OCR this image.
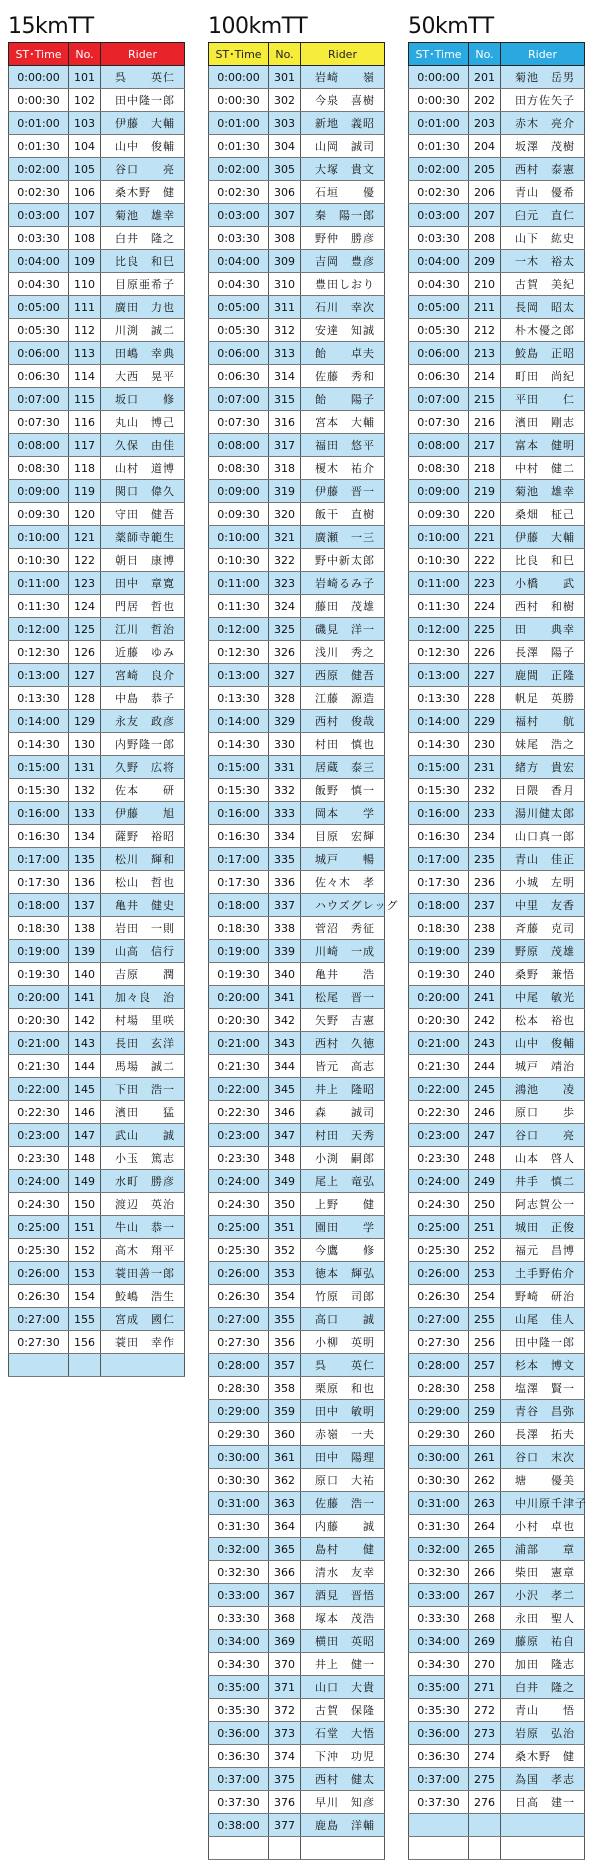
15kmTT
ST･Time	No.	Rider
0:00:00	101	呉　　英仁
0:00:30	102	田中隆一郎
0:01:00	103	伊藤　大輔
0:01:30	104	山中　俊輔
0:02:00	105	谷口　　亮
0:02:30	106	桑木野　健
0:03:00	107	菊池　雄幸
0:03:30	108	白井　隆之
0:04:00	109	比良　和巳
0:04:30	110	目原亜希子
0:05:00	111	廣田　力也
0:05:30	112	川渕　誠二
0:06:00	113	田嶋　幸典
0:06:30	114	大西　晃平
0:07:00	115	坂口　　修
0:07:30	116	丸山　博己
0:08:00	117	久保　由佳
0:08:30	118	山村　道博
0:09:00	119	関口　偉久
0:09:30	120	守田　健吾
0:10:00	121	薬師寺範生
0:10:30	122	朝日　康博
0:11:00	123	田中　章寛
0:11:30	124	門居　哲也
0:12:00	125	江川　哲治
0:12:30	126	近藤　ゆみ
0:13:00	127	宮崎　良介
0:13:30	128	中島　恭子
0:14:00	129	永友　政彦
0:14:30	130	内野隆一郎
0:15:00	131	久野　広将
0:15:30	132	佐本　　研
0:16:00	133	伊藤　　旭
0:16:30	134	薩野　裕昭
0:17:00	135	松川　輝和
0:17:30	136	松山　哲也
0:18:00	137	亀井　健史
0:18:30	138	岩田　一則
0:19:00	139	山高　信行
0:19:30	140	吉原　　潤
0:20:00	141	加々良　治
0:20:30	142	村場　里咲
0:21:00	143	長田　玄洋
0:21:30	144	馬場　誠二
0:22:00	145	下田　浩一
0:22:30	146	濱田　　猛
0:23:00	147	武山　　誠
0:23:30	148	小玉　篤志
0:24:00	149	水町　勝彦
0:24:30	150	渡辺　英治
0:25:00	151	牛山　恭一
0:25:30	152	高木　翔平
0:26:00	153	蓑田善一郎
0:26:30	154	鮫嶋　浩生
0:27:00	155	宮成　國仁
0:27:30	156	蓑田　幸作

100kmTT
ST･Time	No.	Rider
0:00:00	301	岩崎　　嶺
0:00:30	302	今泉　喜樹
0:01:00	303	新地　義昭
0:01:30	304	山岡　誠司
0:02:00	305	大塚　貴文
0:02:30	306	石垣　　優
0:03:00	307	秦　陽一郎
0:03:30	308	野仲　勝彦
0:04:00	309	吉岡　豊彦
0:04:30	310	豊田しおり
0:05:00	311	石川　幸次
0:05:30	312	安達　知誠
0:06:00	313	飴　　卓夫
0:06:30	314	佐藤　秀和
0:07:00	315	飴　　陽子
0:07:30	316	宮本　大輔
0:08:00	317	福田　悠平
0:08:30	318	榎木　祐介
0:09:00	319	伊藤　晋一
0:09:30	320	飯干　直樹
0:10:00	321	廣瀬　一三
0:10:30	322	野中新太郎
0:11:00	323	岩崎るみ子
0:11:30	324	藤田　茂雄
0:12:00	325	磯見　洋一
0:12:30	326	浅川　秀之
0:13:00	327	西原　健吾
0:13:30	328	江藤　源造
0:14:00	329	西村　俊哉
0:14:30	330	村田　慎也
0:15:00	331	居蔵　泰三
0:15:30	332	飯野　慎一
0:16:00	333	岡本　　学
0:16:30	334	目原　宏輝
0:17:00	335	城戸　　暢
0:17:30	336	佐々木　孝
0:18:00	337	ハウズグレッグ
0:18:30	338	菅沼　秀征
0:19:00	339	川崎　一成
0:19:30	340	亀井　　浩
0:20:00	341	松尾　晋一
0:20:30	342	矢野　吉憲
0:21:00	343	西村　久徳
0:21:30	344	皆元　高志
0:22:00	345	井上　隆昭
0:22:30	346	森　　誠司
0:23:00	347	村田　天秀
0:23:30	348	小渕　嗣郎
0:24:00	349	尾上　竜弘
0:24:30	350	上野　　健
0:25:00	351	園田　　学
0:25:30	352	今鷹　　修
0:26:00	353	徳本　輝弘
0:26:30	354	竹原　司郎
0:27:00	355	高口　　誠
0:27:30	356	小柳　英明
0:28:00	357	呉　　英仁
0:28:30	358	栗原　和也
0:29:00	359	田中　敏明
0:29:30	360	赤嶺　一夫
0:30:00	361	田中　陽理
0:30:30	362	原口　大祐
0:31:00	363	佐藤　浩一
0:31:30	364	内藤　　誠
0:32:00	365	島村　　健
0:32:30	366	清水　友幸
0:33:00	367	酒見　晋悟
0:33:30	368	塚本　茂浩
0:34:00	369	横田　英昭
0:34:30	370	井上　健一
0:35:00	371	山口　大貴
0:35:30	372	古賀　保隆
0:36:00	373	石堂　大悟
0:36:30	374	下沖　功児
0:37:00	375	西村　健太
0:37:30	376	早川　知彦
0:38:00	377	鹿島　洋輔

50kmTT
ST･Time	No.	Rider
0:00:00	201	菊池　岳男
0:00:30	202	田方佐矢子
0:01:00	203	赤木　亮介
0:01:30	204	坂澤　茂樹
0:02:00	205	西村　泰憲
0:02:30	206	青山　優希
0:03:00	207	臼元　直仁
0:03:30	208	山下　紘史
0:04:00	209	一木　裕太
0:04:30	210	古賀　美紀
0:05:00	211	長岡　昭太
0:05:30	212	朴木優之郎
0:06:00	213	鮫島　正昭
0:06:30	214	町田　尚紀
0:07:00	215	平田　　仁
0:07:30	216	濱田　剛志
0:08:00	217	富本　健明
0:08:30	218	中村　健二
0:09:00	219	菊池　雄幸
0:09:30	220	桑畑　柾己
0:10:00	221	伊藤　大輔
0:10:30	222	比良　和巳
0:11:00	223	小橋　　武
0:11:30	224	西村　和樹
0:12:00	225	田　　典幸
0:12:30	226	長澤　陽子
0:13:00	227	鹿間　正隆
0:13:30	228	帆足　英勝
0:14:00	229	福村　　航
0:14:30	230	妹尾　浩之
0:15:00	231	緒方　貴宏
0:15:30	232	日隈　香月
0:16:00	233	湯川健太郎
0:16:30	234	山口真一郎
0:17:00	235	青山　佳正
0:17:30	236	小城　左明
0:18:00	237	中里　友香
0:18:30	238	斉藤　克司
0:19:00	239	野原　茂雄
0:19:30	240	桑野　兼悟
0:20:00	241	中尾　敏光
0:20:30	242	松本　裕也
0:21:00	243	山中　俊輔
0:21:30	244	城戸　靖治
0:22:00	245	鴻池　　凌
0:22:30	246	原口　　歩
0:23:00	247	谷口　　亮
0:23:30	248	山本　啓人
0:24:00	249	井手　慎二
0:24:30	250	阿志賀公一
0:25:00	251	城田　正俊
0:25:30	252	福元　昌博
0:26:00	253	土手野佑介
0:26:30	254	野崎　研治
0:27:00	255	山尾　佳人
0:27:30	256	田中隆一郎
0:28:00	257	杉本　博文
0:28:30	258	塩澤　賢一
0:29:00	259	青谷　昌弥
0:29:30	260	長澤　拓夫
0:30:00	261	谷口　末次
0:30:30	262	塘　　優美
0:31:00	263	中川原千津子
0:31:30	264	小村　卓也
0:32:00	265	浦部　　章
0:32:30	266	柴田　憲章
0:33:00	267	小沢　孝二
0:33:30	268	永田　聖人
0:34:00	269	藤原　祐自
0:34:30	270	加田　隆志
0:35:00	271	白井　隆之
0:35:30	272	青山　　悟
0:36:00	273	岩原　弘治
0:36:30	274	桑木野　健
0:37:00	275	為国　孝志
0:37:30	276	日高　建一
